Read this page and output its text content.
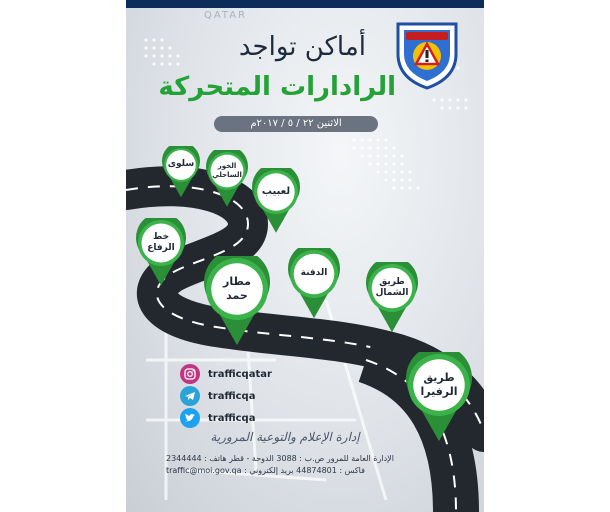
QATAR
أماكن تواجد
الرادارات المتحركة
الاثنين ٢٢ / ٥ / ٢٠١٧م
سلوى	الخور
الساحلي
لعبيب
خط
الرفاع
مطار
حمد
الدفنة
طريق
الشمال
طريق
الرفيرا
trafficqatar
trafficqa
trafficqa
إدارة الإعلام والتوعية المرورية
الإدارة العامة للمرور ص.ب : 3088 الدوحة - قطر هاتف : 2344444
فاكس : 44874801 بريد إلكتروني : traffic@moi.gov.qa
